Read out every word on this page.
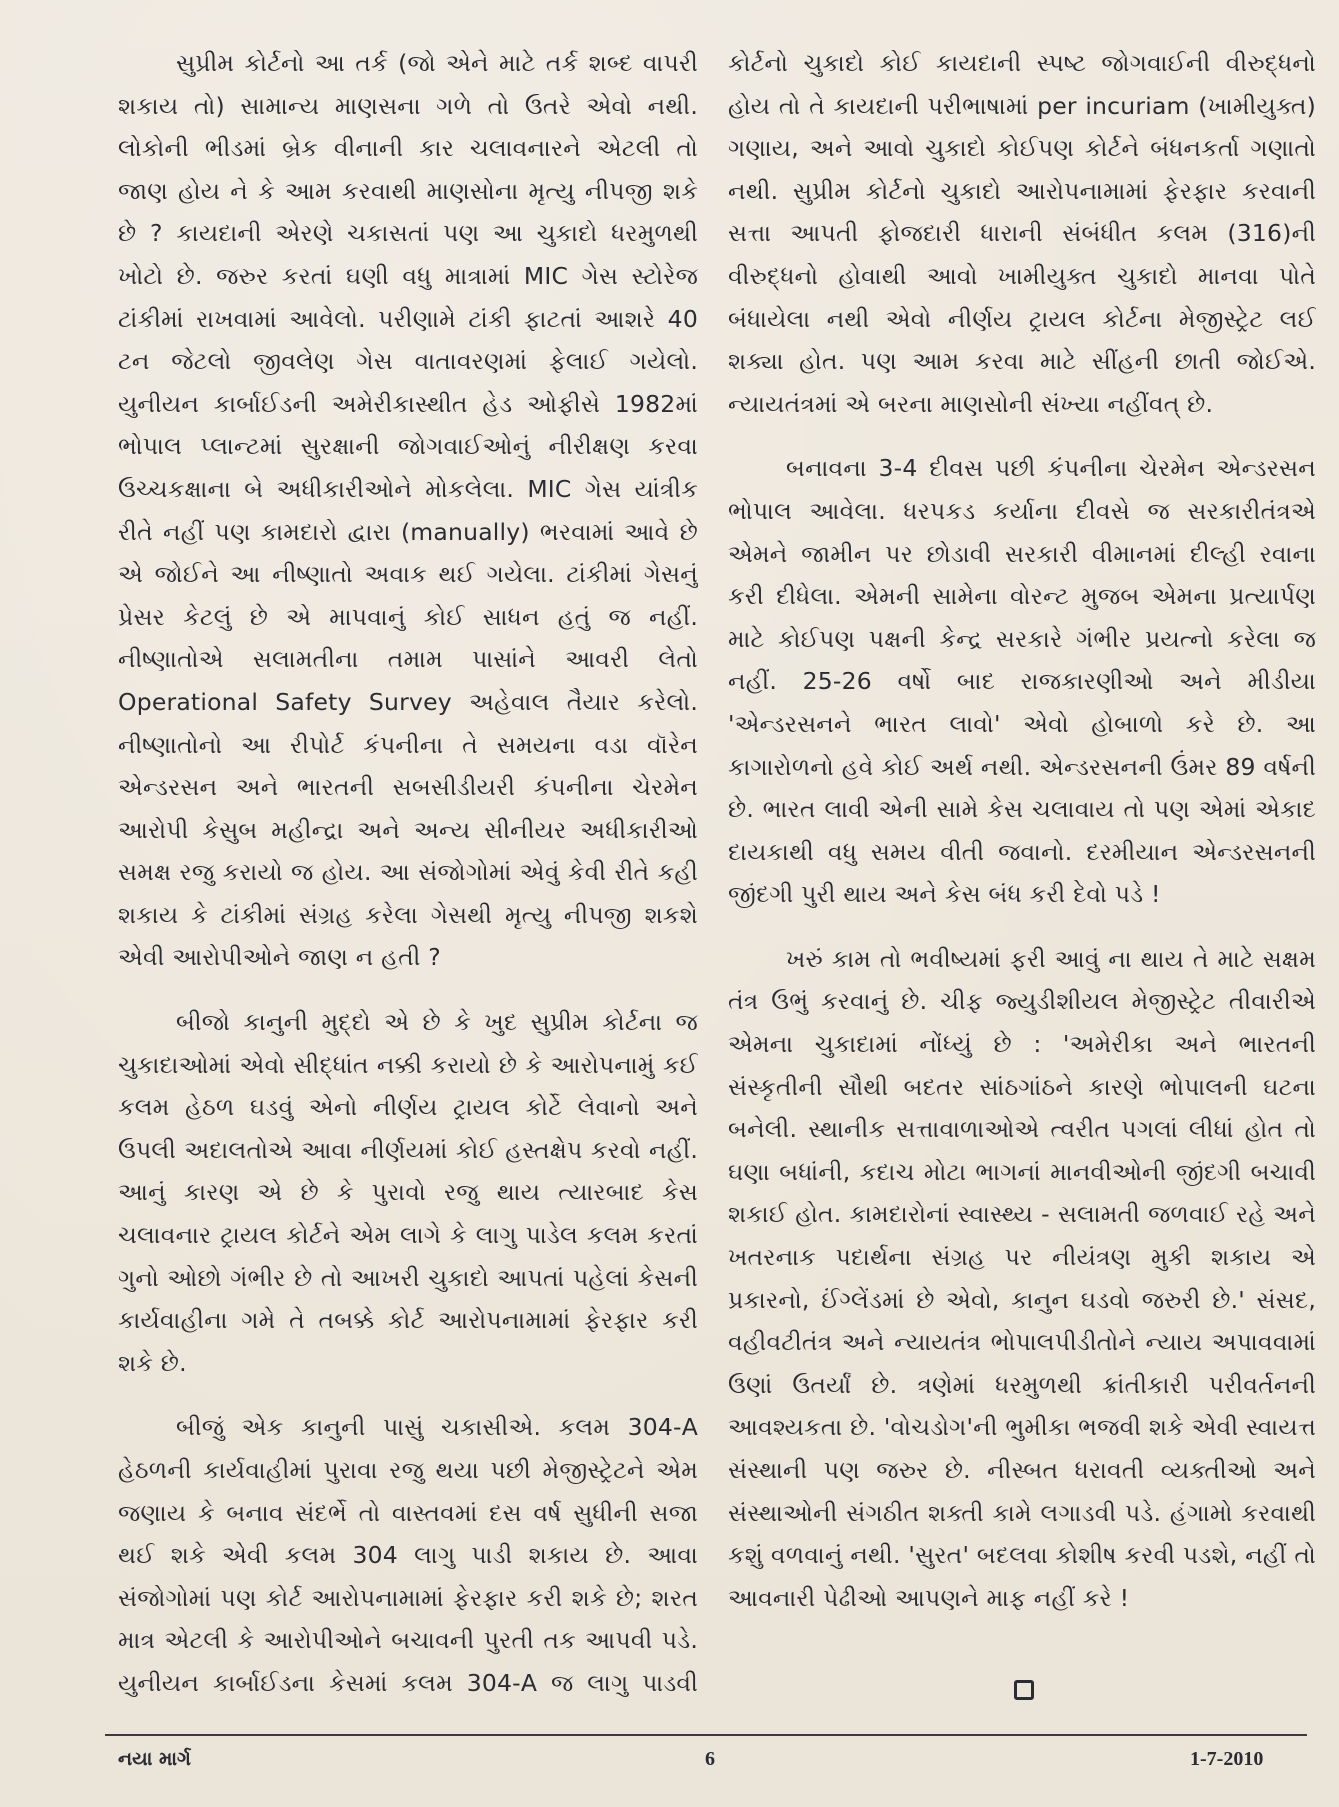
સુપ્રીમ કોર્ટનો આ તર્ક (જો એને માટે તર્ક શબ્દ વાપરી શકાય તો) સામાન્ય માણસના ગળે તો ઉતરે એવો નથી. લોકોની ભીડમાં બ્રેક વીનાની કાર ચલાવનારને એટલી તો જાણ હોય ને કે આમ કરવાથી માણસોના મૃત્યુ નીપજી શકે છે ? કાયદાની એરણે ચકાસતાં પણ આ ચુકાદો ધરમુળથી ખોટો છે. જરુર કરતાં ઘણી વધુ માત્રામાં MIC ગેસ સ્ટોરેજ ટાંકીમાં રાખવામાં આવેલો. પરીણામે ટાંકી ફાટતાં આશરે 40 ટન જેટલો જીવલેણ ગેસ વાતાવરણમાં ફેલાઈ ગયેલો. યુનીયન કાર્બાઈડની અમેરીકાસ્થીત હેડ ઓફીસે 1982માં ભોપાલ પ્લાન્ટમાં સુરક્ષાની જોગવાઈઓનું નીરીક્ષણ કરવા ઉચ્ચકક્ષાના બે અધીકારીઓને મોકલેલા. MIC ગેસ યાંત્રીક રીતે નહીં પણ કામદારો દ્વારા (manually) ભરવામાં આવે છે એ જોઈને આ નીષ્ણાતો અવાક થઈ ગયેલા. ટાંકીમાં ગેસનું પ્રેસર કેટલું છે એ માપવાનું કોઈ સાધન હતું જ નહીં. નીષ્ણાતોએ સલામતીના તમામ પાસાંને આવરી લેતો Operational Safety Survey અહેવાલ તૈયાર કરેલો. નીષ્ણાતોનો આ રીપોર્ટ કંપનીના તે સમયના વડા વૉરેન એન્ડરસન અને ભારતની સબસીડીયરી કંપનીના ચેરમેન આરોપી કેસુબ મહીન્દ્રા અને અન્ય સીનીયર અધીકારીઓ સમક્ષ રજુ કરાયો જ હોય. આ સંજોગોમાં એવું કેવી રીતે કહી શકાય કે ટાંકીમાં સંગ્રહ કરેલા ગેસથી મૃત્યુ નીપજી શકશે એવી આરોપીઓને જાણ ન હતી ?

બીજો કાનુની મુદ્દો એ છે કે ખુદ સુપ્રીમ કોર્ટના જ ચુકાદાઓમાં એવો સીદ્ધાંત નક્કી કરાયો છે કે આરોપનામું કઈ કલમ હેઠળ ઘડવું એનો નીર્ણય ટ્રાયલ કોર્ટે લેવાનો અને ઉપલી અદાલતોએ આવા નીર્ણયમાં કોઈ હસ્તક્ષેપ કરવો નહીં. આનું કારણ એ છે કે પુરાવો રજુ થાય ત્યારબાદ કેસ ચલાવનાર ટ્રાયલ કોર્ટને એમ લાગે કે લાગુ પાડેલ કલમ કરતાં ગુનો ઓછો ગંભીર છે તો આખરી ચુકાદો આપતાં પહેલાં કેસની કાર્યવાહીના ગમે તે તબક્કે કોર્ટ આરોપનામામાં ફેરફાર કરી શકે છે.

બીજું એક કાનુની પાસું ચકાસીએ. કલમ 304-A હેઠળની કાર્યવાહીમાં પુરાવા રજુ થયા પછી મેજીસ્ટ્રેટને એમ જણાય કે બનાવ સંદર્ભે તો વાસ્તવમાં દસ વર્ષ સુધીની સજા થઈ શકે એવી કલમ 304 લાગુ પાડી શકાય છે. આવા સંજોગોમાં પણ કોર્ટ આરોપનામામાં ફેરફાર કરી શકે છે; શરત માત્ર એટલી કે આરોપીઓને બચાવની પુરતી તક આપવી પડે. યુનીયન કાર્બાઈડના કેસમાં કલમ 304-A જ લાગુ પાડવી

કોર્ટનો ચુકાદો કોઈ કાયદાની સ્પષ્ટ જોગવાઈની વીરુદ્ધનો હોય તો તે કાયદાની પરીભાષામાં per incuriam (ખામીયુક્ત) ગણાય, અને આવો ચુકાદો કોઈપણ કોર્ટને બંધનકર્તા ગણાતો નથી. સુપ્રીમ કોર્ટનો ચુકાદો આરોપનામામાં ફેરફાર કરવાની સત્તા આપતી ફોજદારી ધારાની સંબંધીત કલમ (316)ની વીરુદ્ધનો હોવાથી આવો ખામીયુક્ત ચુકાદો માનવા પોતે બંધાયેલા નથી એવો નીર્ણય ટ્રાયલ કોર્ટના મેજીસ્ટ્રેટ લઈ શક્યા હોત. પણ આમ કરવા માટે સીંહની છાતી જોઈએ. ન્યાયતંત્રમાં એ બરના માણસોની સંખ્યા નહીંવત્ છે.

બનાવના 3-4 દીવસ પછી કંપનીના ચેરમેન એન્ડરસન ભોપાલ આવેલા. ધરપકડ કર્યાના દીવસે જ સરકારીતંત્રએ એમને જામીન પર છોડાવી સરકારી વીમાનમાં દીલ્હી રવાના કરી દીધેલા. એમની સામેના વોરન્ટ મુજબ એમના પ્રત્યાર્પણ માટે કોઈપણ પક્ષની કેન્દ્ર સરકારે ગંભીર પ્રયત્નો કરેલા જ નહીં. 25-26 વર્ષો બાદ રાજકારણીઓ અને મીડીયા 'એન્ડરસનને ભારત લાવો' એવો હોબાળો કરે છે. આ કાગારોળનો હવે કોઈ અર્થ નથી. એન્ડરસનની ઉંમર 89 વર્ષની છે. ભારત લાવી એની સામે કેસ ચલાવાય તો પણ એમાં એકાદ દાયકાથી વધુ સમય વીતી જવાનો. દરમીયાન એન્ડરસનની જીંદગી પુરી થાય અને કેસ બંધ કરી દેવો પડે !

ખરું કામ તો ભવીષ્યમાં ફરી આવું ના થાય તે માટે સક્ષમ તંત્ર ઉભું કરવાનું છે. ચીફ જ્યુડીશીયલ મેજીસ્ટ્રેટ તીવારીએ એમના ચુકાદામાં નોંધ્યું છે : 'અમેરીકા અને ભારતની સંસ્કૃતીની સૌથી બદતર સાંઠગાંઠને કારણે ભોપાલની ઘટના બનેલી. સ્થાનીક સત્તાવાળાઓએ ત્વરીત પગલાં લીધાં હોત તો ઘણા બધાંની, કદાચ મોટા ભાગનાં માનવીઓની જીંદગી બચાવી શકાઈ હોત. કામદારોનાં સ્વાસ્થ્ય - સલામતી જળવાઈ રહે અને ખતરનાક પદાર્થના સંગ્રહ પર નીયંત્રણ મુકી શકાય એ પ્રકારનો, ઈંગ્લેંડમાં છે એવો, કાનુન ઘડવો જરુરી છે.' સંસદ, વહીવટીતંત્ર અને ન્યાયતંત્ર ભોપાલપીડીતોને ન્યાય અપાવવામાં ઉણાં ઉતર્યાં છે. ત્રણેમાં ધરમુળથી ક્રાંતીકારી પરીવર્તનની આવશ્યકતા છે. 'વોચડોગ'ની ભુમીકા ભજવી શકે એવી સ્વાયત્ત સંસ્થાની પણ જરુર છે. નીસ્બત ધરાવતી વ્યક્તીઓ અને સંસ્થાઓની સંગઠીત શક્તી કામે લગાડવી પડે. હંગામો કરવાથી કશું વળવાનું નથી. 'સુરત' બદલવા કોશીષ કરવી પડશે, નહીં તો આવનારી પેઢીઓ આપણને માફ નહીં કરે !

નયા માર્ગ	6	1-7-2010
